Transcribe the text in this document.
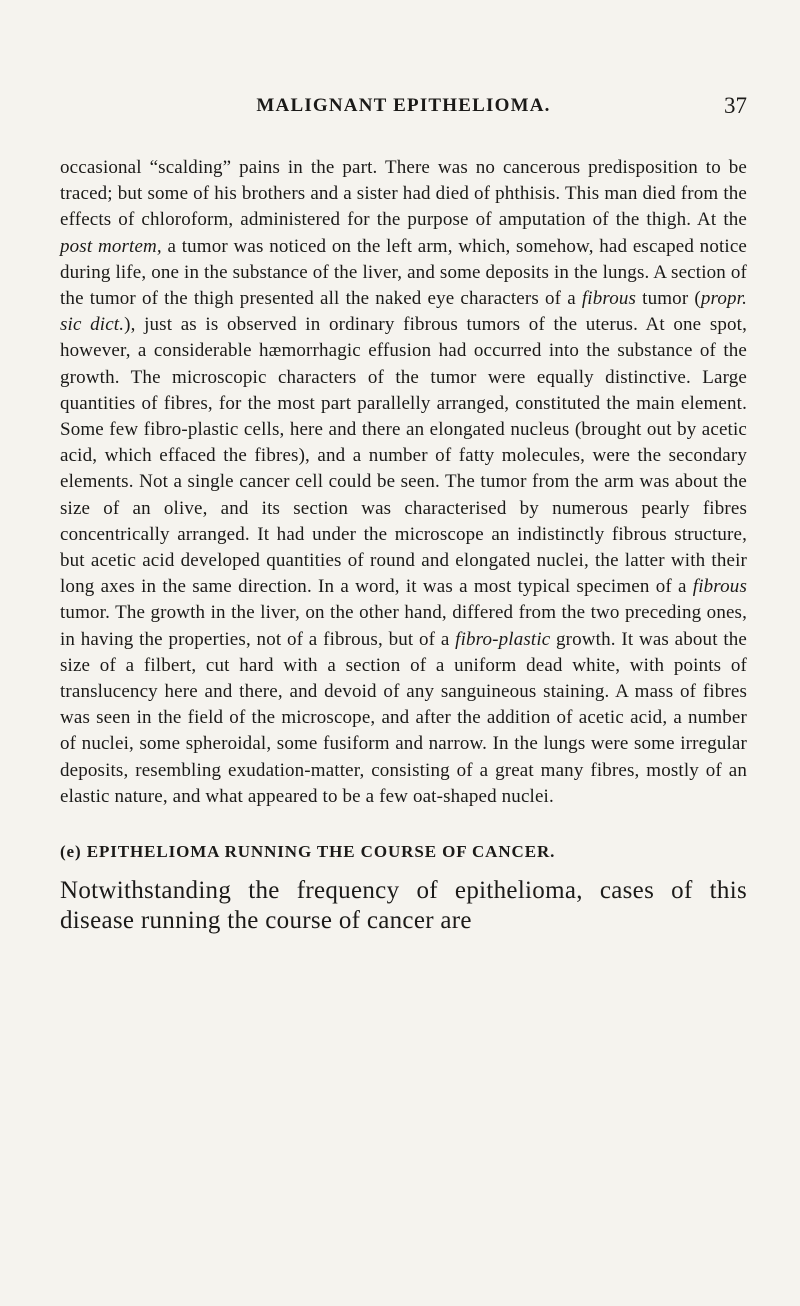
MALIGNANT EPITHELIOMA.	37

occasional “scalding” pains in the part. There was no cancerous predisposition to be traced; but some of his brothers and a sister had died of phthisis. This man died from the effects of chloroform, administered for the purpose of amputation of the thigh. At the post mortem, a tumor was noticed on the left arm, which, somehow, had escaped notice during life, one in the substance of the liver, and some deposits in the lungs. A section of the tumor of the thigh presented all the naked eye characters of a fibrous tumor (propr. sic dict.), just as is observed in ordinary fibrous tumors of the uterus. At one spot, however, a considerable hæmorrhagic effusion had occurred into the substance of the growth. The microscopic characters of the tumor were equally distinctive. Large quantities of fibres, for the most part parallelly arranged, constituted the main element. Some few fibro-plastic cells, here and there an elongated nucleus (brought out by acetic acid, which effaced the fibres), and a number of fatty molecules, were the secondary elements. Not a single cancer cell could be seen. The tumor from the arm was about the size of an olive, and its section was characterised by numerous pearly fibres concentrically arranged. It had under the microscope an indistinctly fibrous structure, but acetic acid developed quantities of round and elongated nuclei, the latter with their long axes in the same direction. In a word, it was a most typical specimen of a fibrous tumor. The growth in the liver, on the other hand, differed from the two preceding ones, in having the properties, not of a fibrous, but of a fibro-plastic growth. It was about the size of a filbert, cut hard with a section of a uniform dead white, with points of translucency here and there, and devoid of any sanguineous staining. A mass of fibres was seen in the field of the microscope, and after the addition of acetic acid, a number of nuclei, some spheroidal, some fusiform and narrow. In the lungs were some irregular deposits, resembling exudation-matter, consisting of a great many fibres, mostly of an elastic nature, and what appeared to be a few oat-shaped nuclei.

(e) EPITHELIOMA RUNNING THE COURSE OF CANCER.

Notwithstanding the frequency of epithelioma, cases of this disease running the course of cancer are
